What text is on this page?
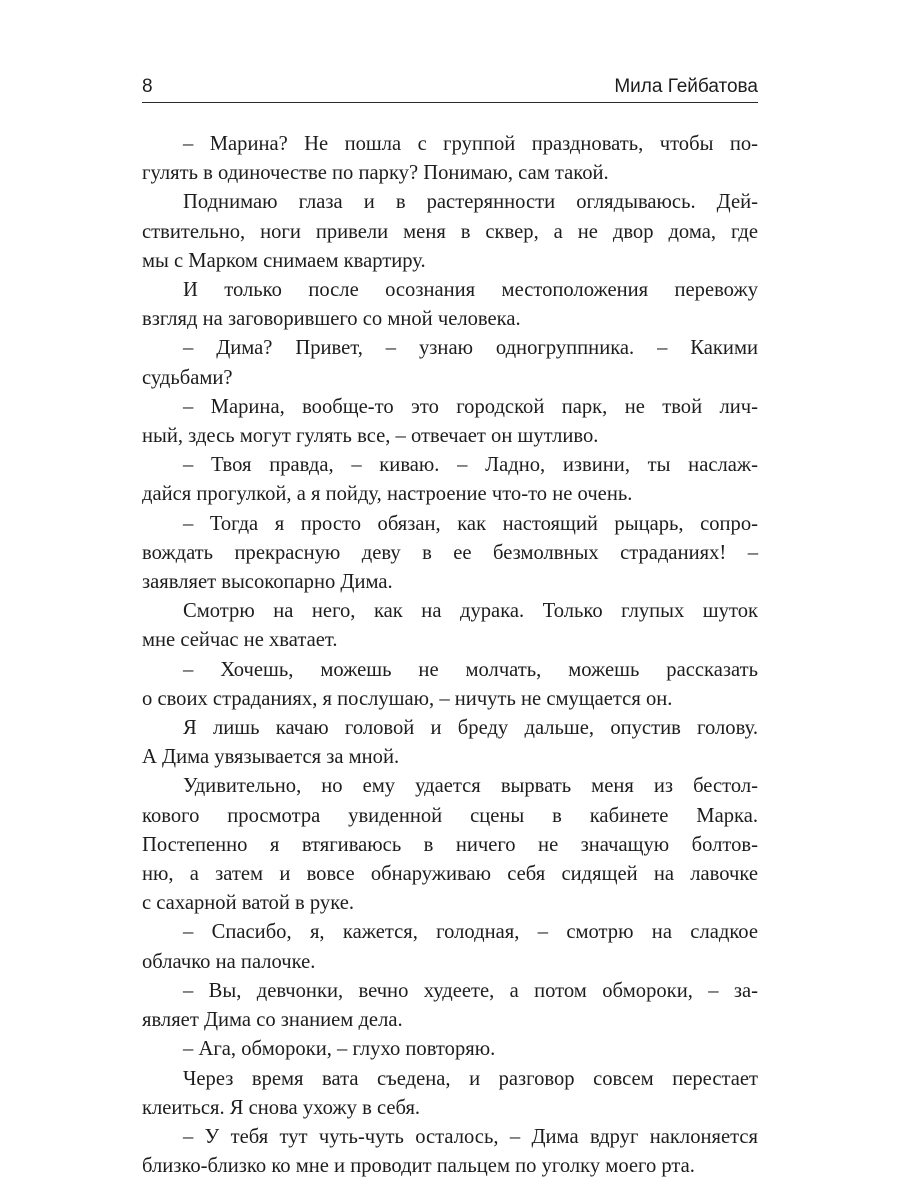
8	Мила Гейбатова
– Марина? Не пошла с группой праздновать, чтобы по-
гулять в одиночестве по парку? Понимаю, сам такой.
Поднимаю глаза и в растерянности оглядываюсь. Дей-
ствительно, ноги привели меня в сквер, а не двор дома, где
мы с Марком снимаем квартиру.
И только после осознания местоположения перевожу
взгляд на заговорившего со мной человека.
– Дима? Привет, – узнаю одногруппника. – Какими
судьбами?
– Марина, вообще-то это городской парк, не твой лич-
ный, здесь могут гулять все, – отвечает он шутливо.
– Твоя правда, – киваю. – Ладно, извини, ты наслаж-
дайся прогулкой, а я пойду, настроение что-то не очень.
– Тогда я просто обязан, как настоящий рыцарь, сопро-
вождать прекрасную деву в ее безмолвных страданиях! –
заявляет высокопарно Дима.
Смотрю на него, как на дурака. Только глупых шуток
мне сейчас не хватает.
– Хочешь, можешь не молчать, можешь рассказать
о своих страданиях, я послушаю, – ничуть не смущается он.
Я лишь качаю головой и бреду дальше, опустив голову.
А Дима увязывается за мной.
Удивительно, но ему удается вырвать меня из бестол-
кового просмотра увиденной сцены в кабинете Марка.
Постепенно я втягиваюсь в ничего не значащую болтов-
ню, а затем и вовсе обнаруживаю себя сидящей на лавочке
с сахарной ватой в руке.
– Спасибо, я, кажется, голодная, – смотрю на сладкое
облачко на палочке.
– Вы, девчонки, вечно худеете, а потом обмороки, – за-
являет Дима со знанием дела.
– Ага, обмороки, – глухо повторяю.
Через время вата съедена, и разговор совсем перестает
клеиться. Я снова ухожу в себя.
– У тебя тут чуть-чуть осталось, – Дима вдруг наклоняется
близко-близко ко мне и проводит пальцем по уголку моего рта.
